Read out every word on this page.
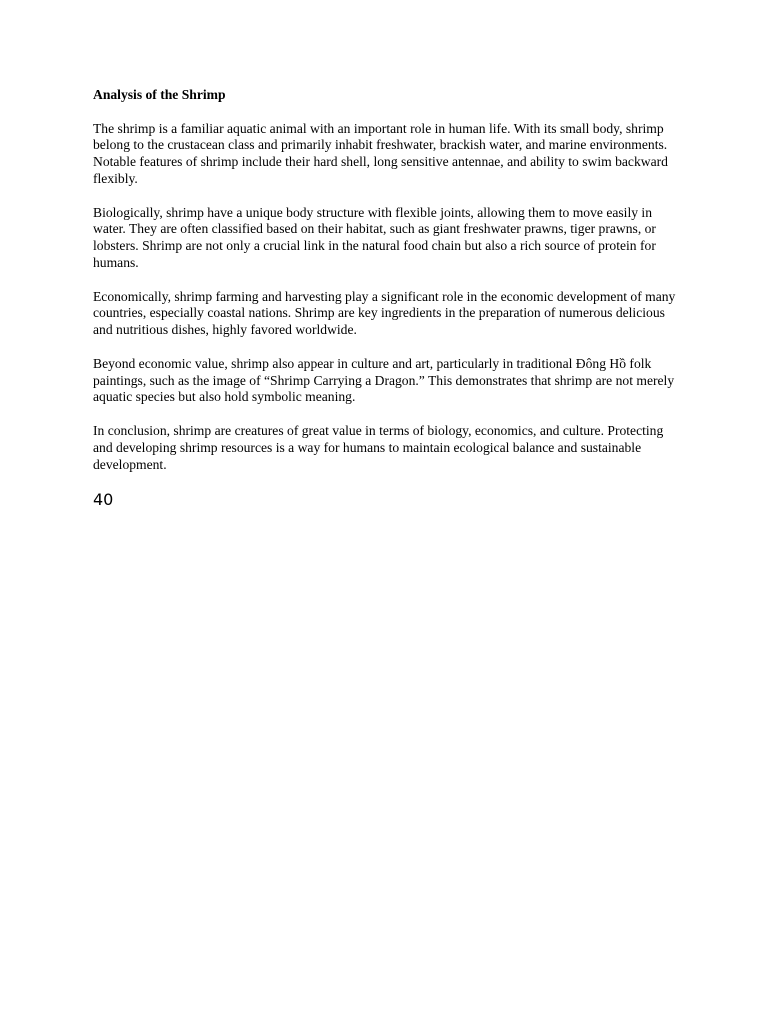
Analysis of the Shrimp

The shrimp is a familiar aquatic animal with an important role in human life. With its small body, shrimp belong to the crustacean class and primarily inhabit freshwater, brackish water, and marine environments. Notable features of shrimp include their hard shell, long sensitive antennae, and ability to swim backward flexibly.

Biologically, shrimp have a unique body structure with flexible joints, allowing them to move easily in water. They are often classified based on their habitat, such as giant freshwater prawns, tiger prawns, or lobsters. Shrimp are not only a crucial link in the natural food chain but also a rich source of protein for humans.

Economically, shrimp farming and harvesting play a significant role in the economic development of many countries, especially coastal nations. Shrimp are key ingredients in the preparation of numerous delicious and nutritious dishes, highly favored worldwide.

Beyond economic value, shrimp also appear in culture and art, particularly in traditional Đông Hồ folk paintings, such as the image of “Shrimp Carrying a Dragon.” This demonstrates that shrimp are not merely aquatic species but also hold symbolic meaning.

In conclusion, shrimp are creatures of great value in terms of biology, economics, and culture. Protecting and developing shrimp resources is a way for humans to maintain ecological balance and sustainable development.

40
